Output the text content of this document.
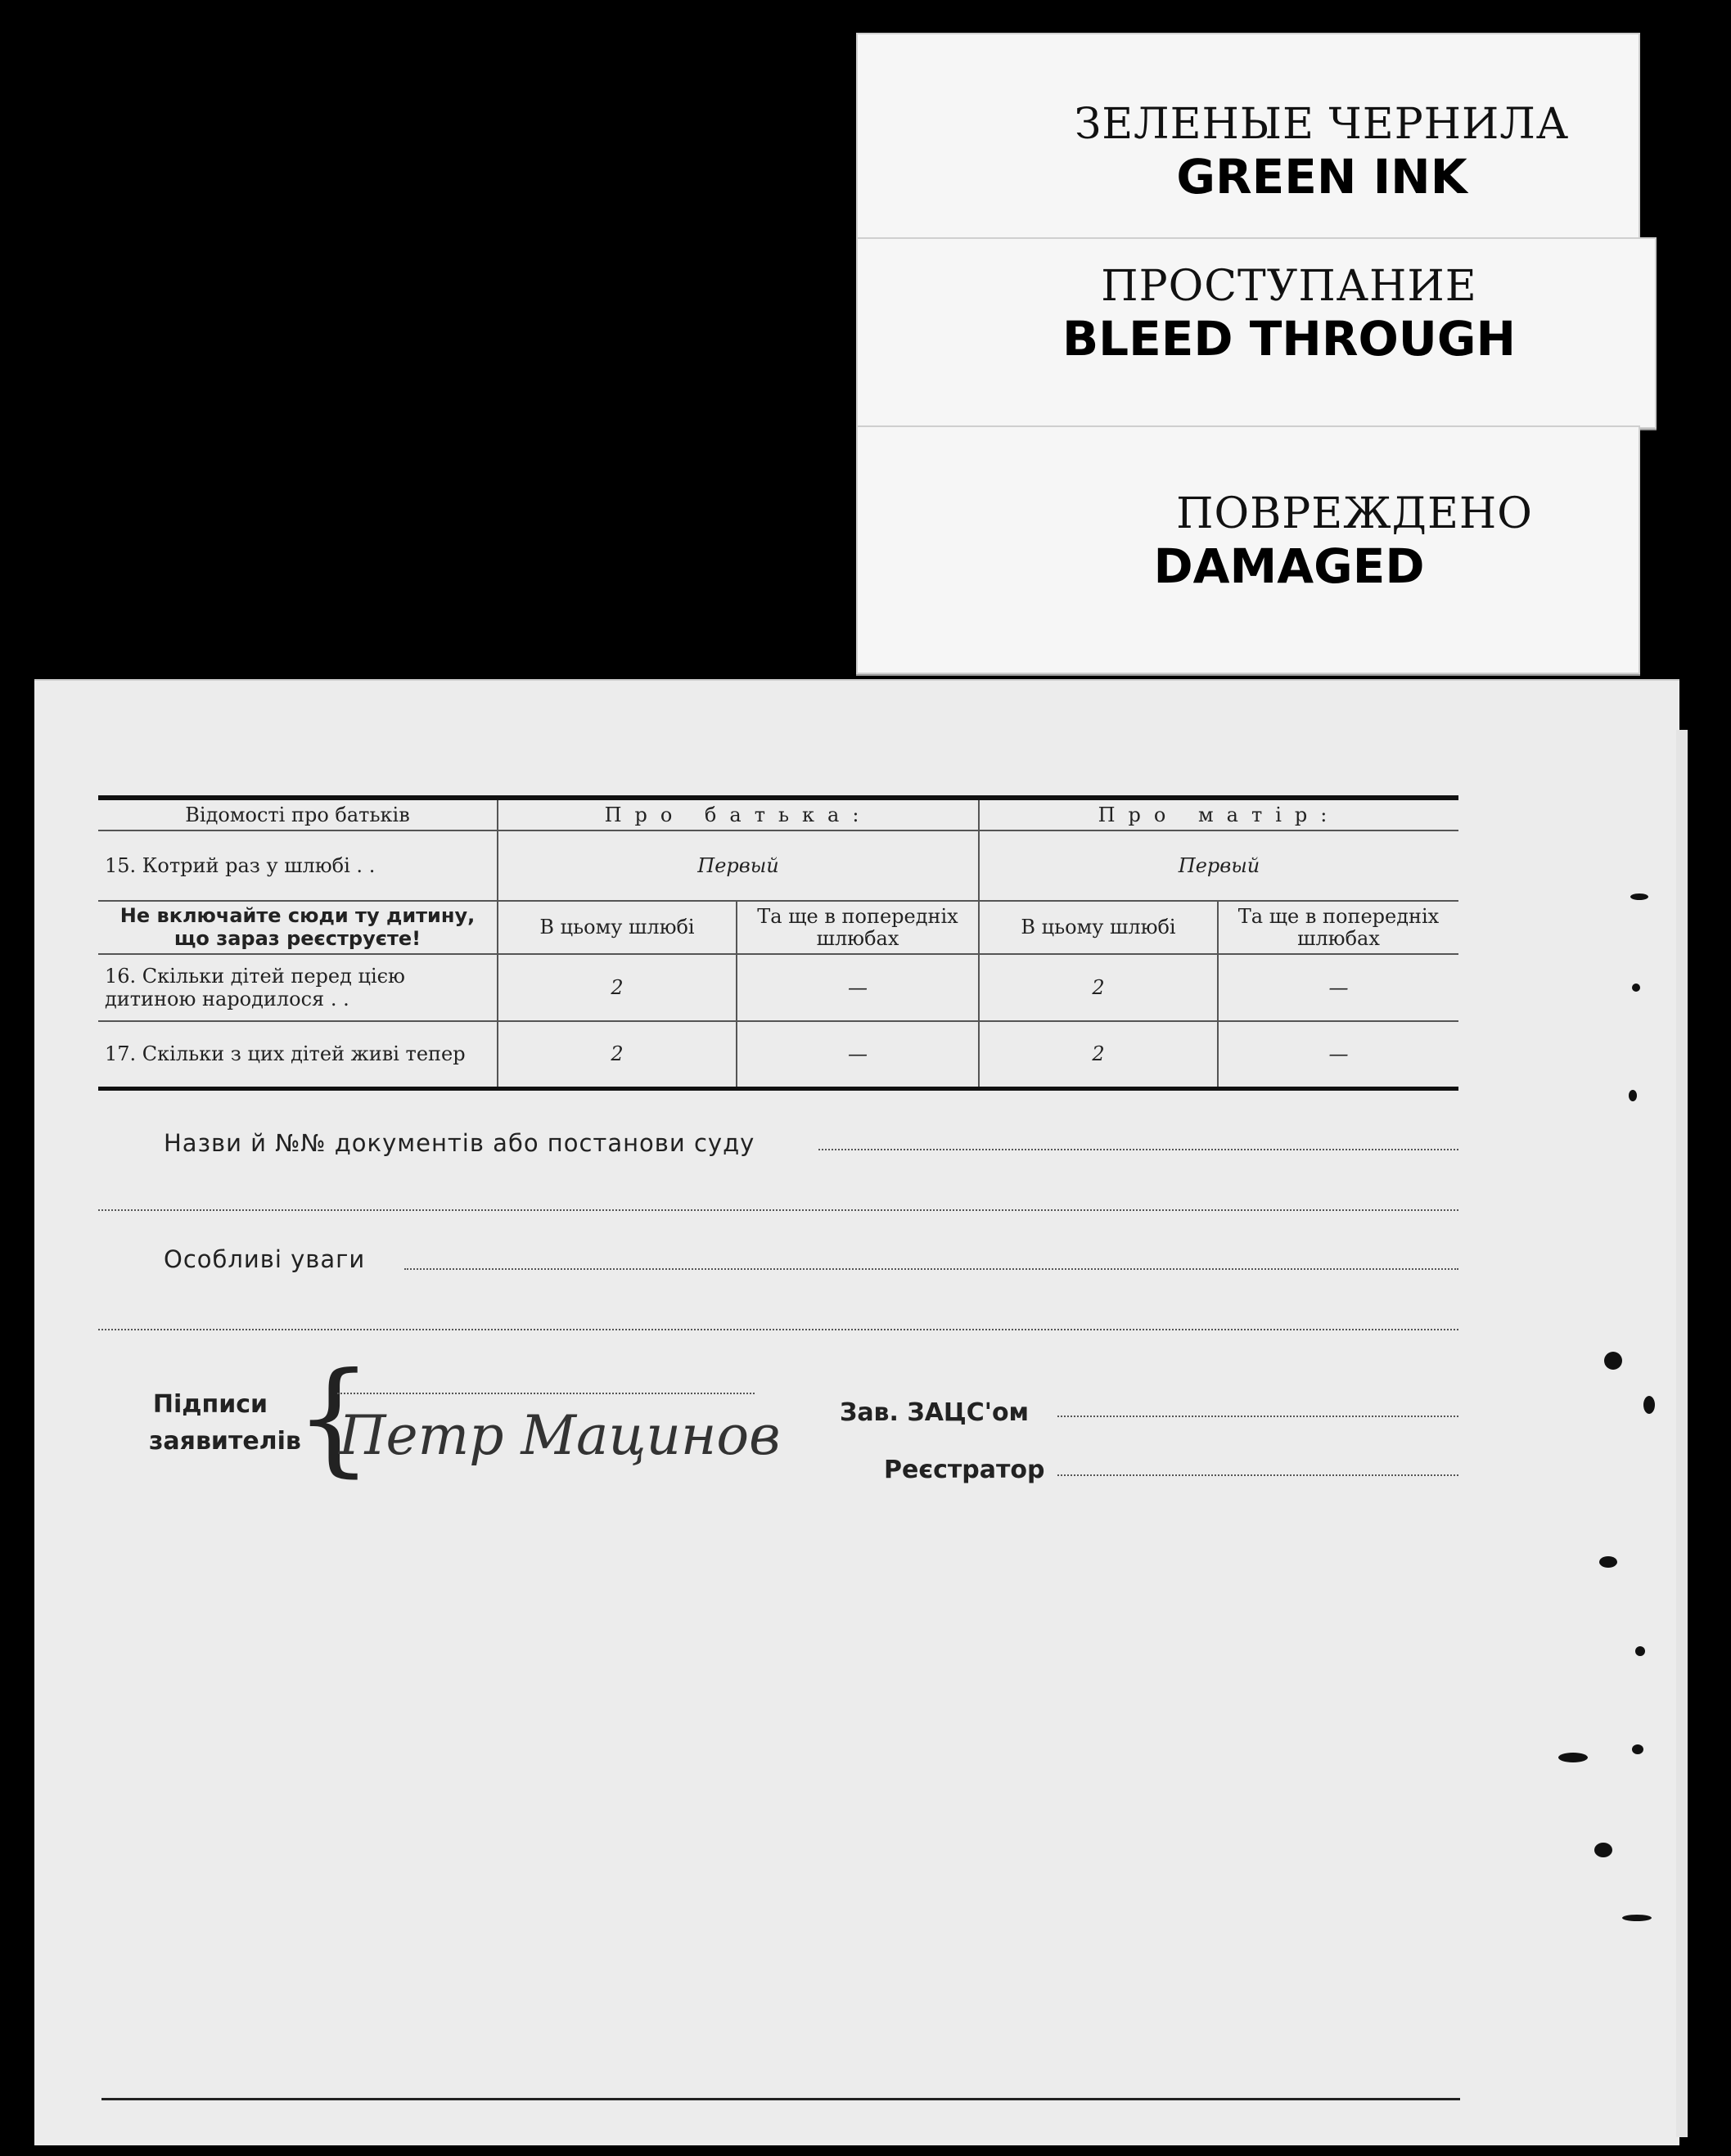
ЗЕЛЕНЫЕ ЧЕРНИЛА
GREEN INK
ПРОСТУПАНИЕ
BLEED THROUGH
ПОВРЕЖДЕНО
DAMAGED
Відомості про батьків	Про батька:		Про матір:	
15. Котрий раз у шлюбі . .	Первый		Первый	
Не включайте сюди ту дитину, що зараз реєструєте!	В цьому шлюбі	Та ще в попередніх шлюбах	В цьому шлюбі	Та ще в попередніх шлюбах
16. Скільки дітей перед цією дитиною народилося . .	2	—	2	—
17. Скільки з цих дітей живі тепер	2	—	2	—
Назви й №№ документів або постанови суду
Особливі уваги
Підписи заявителів
{
Петр Мацинов Зав. ЗАЦС'ом
Реєстратор
